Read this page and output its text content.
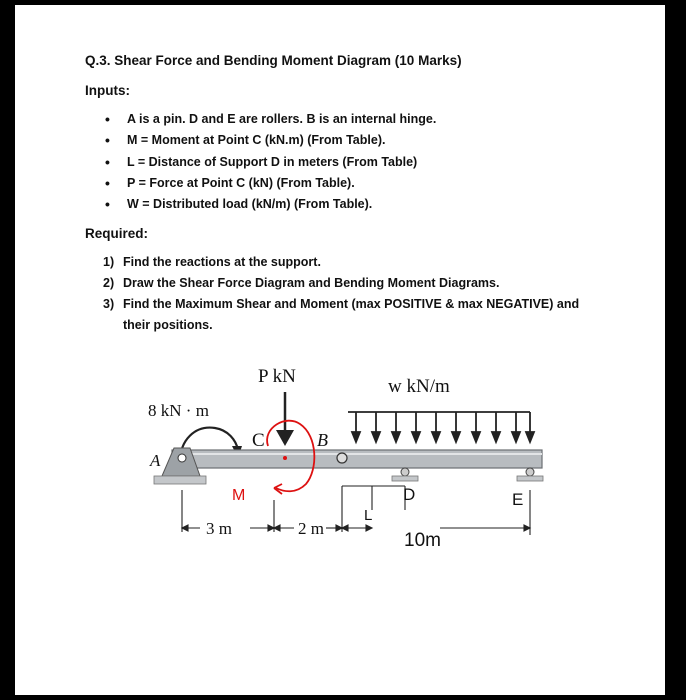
Q.3. Shear Force and Bending Moment Diagram (10 Marks)
Inputs:
• A is a pin. D and E are rollers. B is an internal hinge.
• M = Moment at Point C (kN.m) (From Table).
• L = Distance of Support D in meters (From Table)
• P = Force at Point C (kN) (From Table).
• W = Distributed load (kN/m) (From Table).
Required:
1) Find the reactions at the support.
2) Draw the Shear Force Diagram and Bending Moment Diagrams.
3) Find the Maximum Shear and Moment (max POSITIVE & max NEGATIVE) and their positions.
P kN	w kN/m
8 kN · m
A
C	B
M
3 m	2 m
L
D	E
10m
